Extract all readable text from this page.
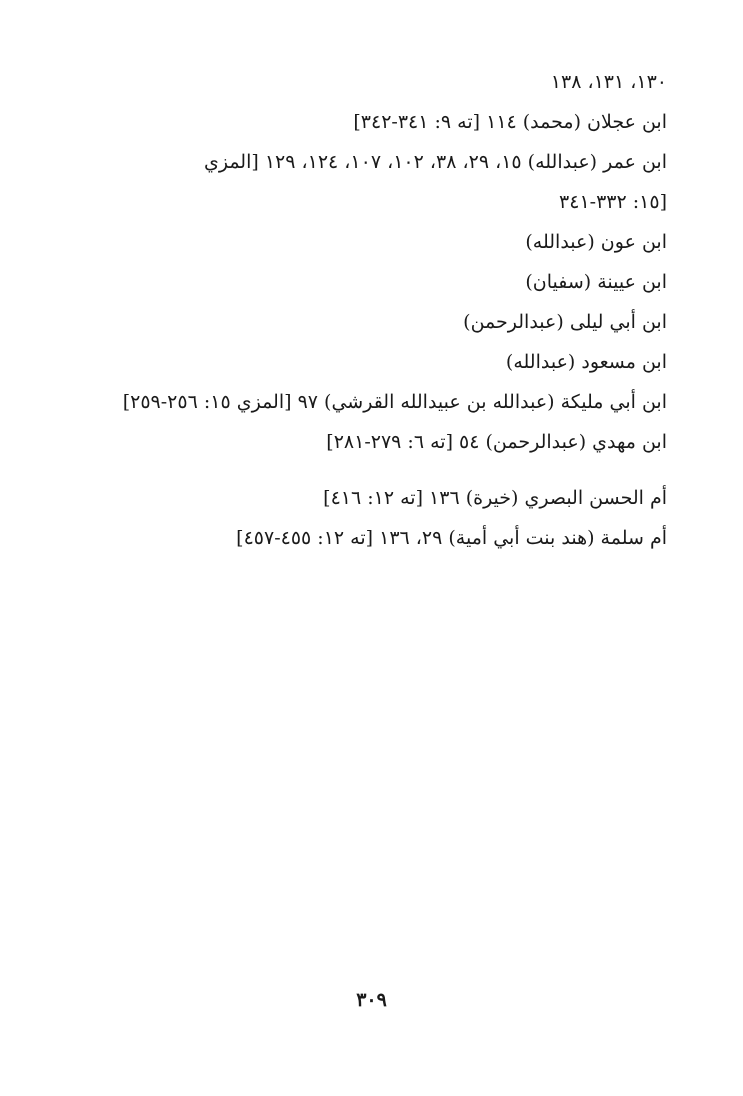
١٣٠، ١٣١، ١٣٨
ابن عجلان (محمد) ١١٤ [ته ٩: ٣٤١-٣٤٢]
ابن عمر (عبدالله) ١٥، ٢٩، ٣٨، ١٠٢، ١٠٧، ١٢٤، ١٢٩ [المزي
١٥: ٣٣٢-٣٤١]
ابن عون (عبدالله)
ابن عيينة (سفيان)
ابن أبي ليلى (عبدالرحمن)
ابن مسعود (عبدالله)
ابن أبي مليكة (عبدالله بن عبيدالله القرشي) ٩٧ [المزي ١٥: ٢٥٦-٢٥٩]
ابن مهدي (عبدالرحمن) ٥٤ [ته ٦: ٢٧٩-٢٨١]
أم الحسن البصري (خيرة) ١٣٦ [ته ١٢: ٤١٦]
أم سلمة (هند بنت أبي أمية) ٢٩، ١٣٦ [ته ١٢: ٤٥٥-٤٥٧]
٣٠٩
